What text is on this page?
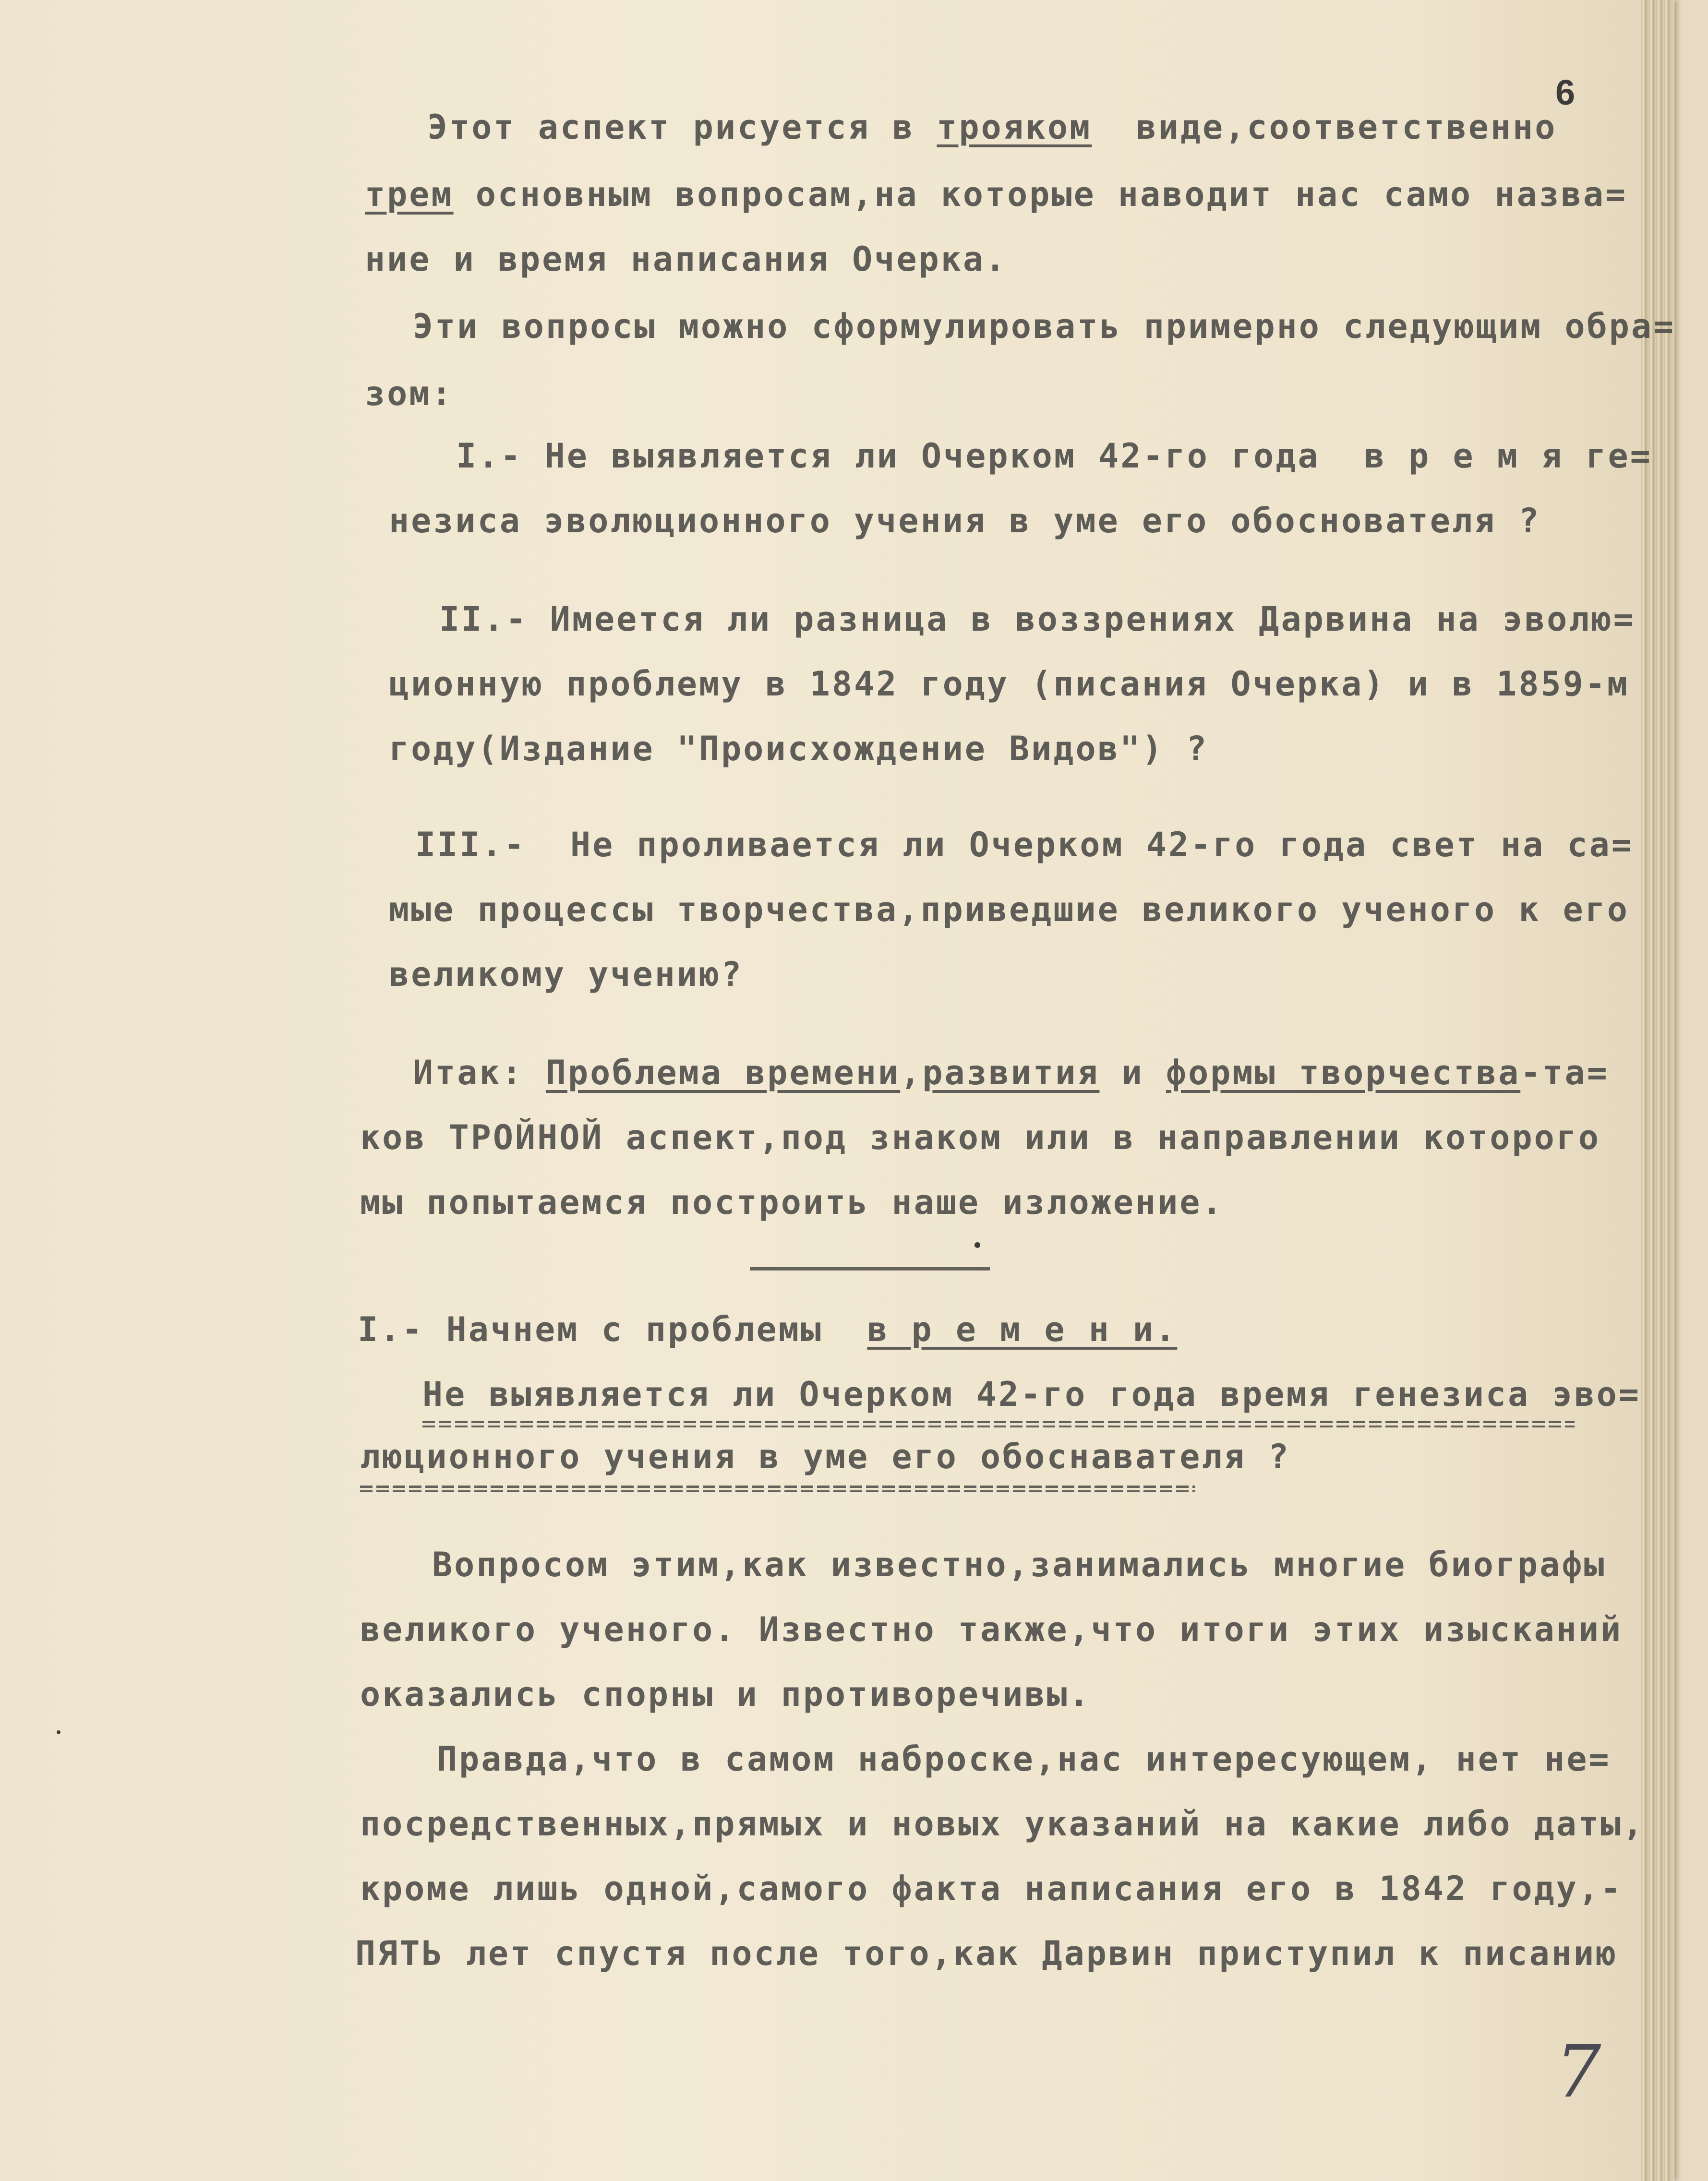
6

Этот аспект рисуется в трояком  виде,соответственно

трем основным вопросам,на которые наводит нас само назва=

ние и время написания Очерка.

Эти вопросы можно сформулировать примерно следующим обра=

зом:

I.- Не выявляется ли Очерком 42-го года  в р е м я ге=

незиса эволюционного учения в уме его обоснователя ?

II.- Имеется ли разница в воззрениях Дарвина на эволю=

ционную проблему в 1842 году (писания Очерка) и в 1859-м

году(Издание "Происхождение Видов") ?

III.-  Не проливается ли Очерком 42-го года свет на са=

мые процессы творчества,приведшие великого ученого к его

великому учению?

Итак: Проблема времени,развития и формы творчества-та=

ков ТРОЙНОЙ аспект,под знаком или в направлении которого

мы попытаемся построить наше изложение.

I.- Начнем с проблемы  в р е м е н и.

Не выявляется ли Очерком 42-го года время генезиса эво=

люционного учения в уме его обоснавателя ?

Вопросом этим,как известно,занимались многие биографы

великого ученого. Известно также,что итоги этих изысканий

оказались спорны и противоречивы.

Правда,что в самом наброске,нас интересующем, нет не=

посредственных,прямых и новых указаний на какие либо даты,

кроме лишь одной,самого факта написания его в 1842 году,-

ПЯТЬ лет спустя после того,как Дарвин приступил к писанию

7
